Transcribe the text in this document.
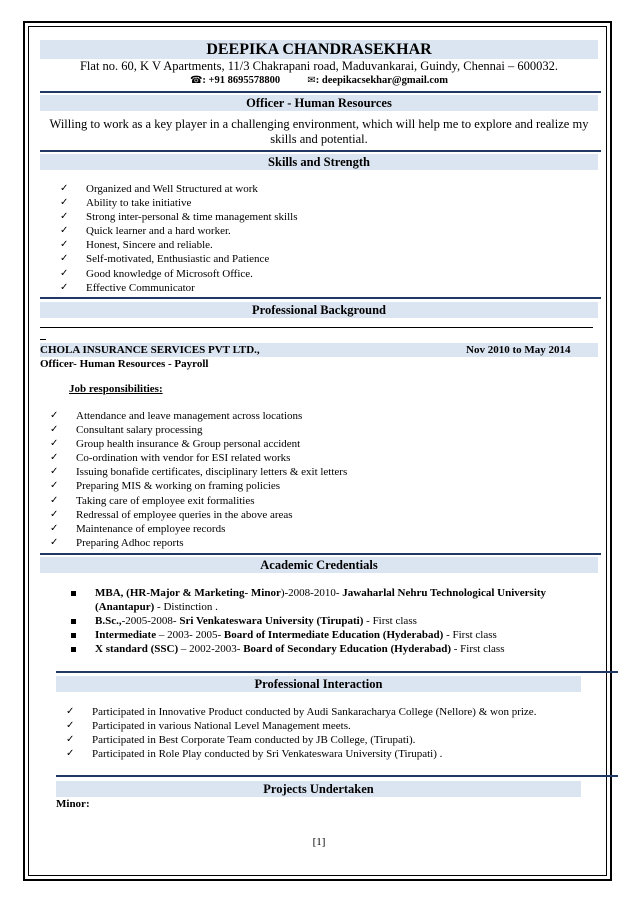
DEEPIKA CHANDRASEKHAR
Flat no. 60, K V Apartments, 11/3 Chakrapani road, Maduvankarai, Guindy, Chennai – 600032.
☎: +91 8695578800	✉: deepikacsekhar@gmail.com
Officer - Human Resources
Willing to work as a key player in a challenging environment, which will help me to explore and realize my skills and potential.
Skills and Strength
✓ Organized and Well Structured at work
✓ Ability to take initiative
✓ Strong inter-personal & time management skills
✓ Quick learner and a hard worker.
✓ Honest, Sincere and reliable.
✓ Self-motivated, Enthusiastic and Patience
✓ Good knowledge of Microsoft Office.
✓ Effective Communicator
Professional Background
CHOLA INSURANCE SERVICES PVT LTD.,	Nov 2010 to May 2014
Officer- Human Resources - Payroll
Job responsibilities:
✓ Attendance and leave management across locations
✓ Consultant salary processing
✓ Group health insurance & Group personal accident
✓ Co-ordination with vendor for ESI related works
✓ Issuing bonafide certificates, disciplinary letters & exit letters
✓ Preparing MIS & working on framing policies
✓ Taking care of employee exit formalities
✓ Redressal of employee queries in the above areas
✓ Maintenance of employee records
✓ Preparing Adhoc reports
Academic Credentials
MBA, (HR-Major & Marketing- Minor)-2008-2010- Jawaharlal Nehru Technological University
(Anantapur) - Distinction .
B.Sc.,-2005-2008- Sri Venkateswara University (Tirupati) - First class
Intermediate – 2003- 2005- Board of Intermediate Education (Hyderabad) - First class
X standard (SSC) – 2002-2003- Board of Secondary Education (Hyderabad) - First class
Professional Interaction
✓ Participated in Innovative Product conducted by Audi Sankaracharya College (Nellore) & won prize.
✓ Participated in various National Level Management meets.
✓ Participated in Best Corporate Team conducted by JB College, (Tirupati).
✓ Participated in Role Play conducted by Sri Venkateswara University (Tirupati) .
Projects Undertaken
Minor:
[1]
